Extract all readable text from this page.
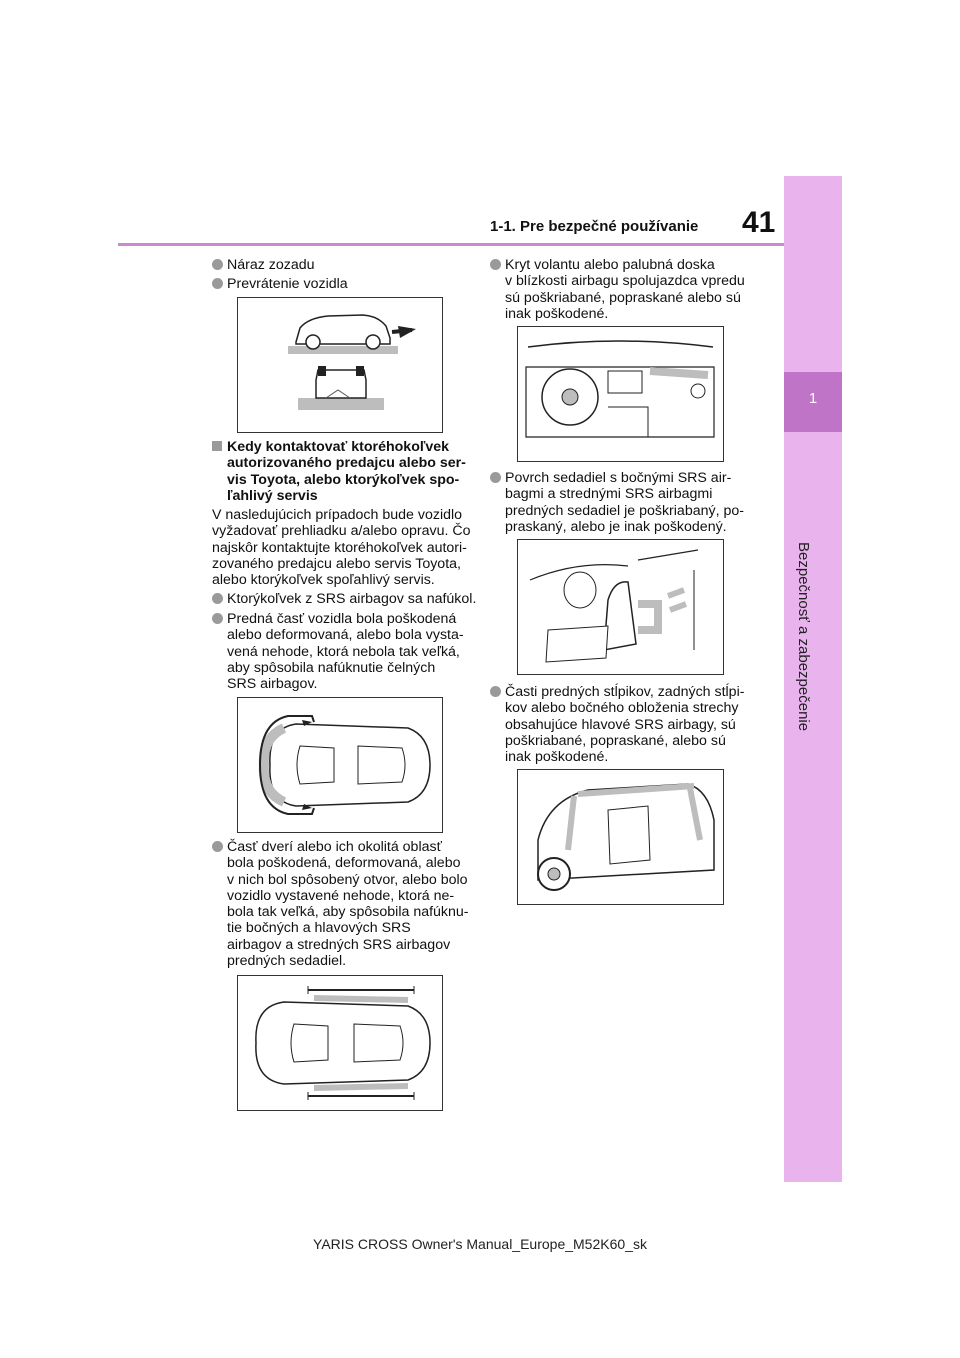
1-1. Pre bezpečné používanie 41
1
Bezpečnosť a zabezpečenie
Náraz zozadu
Prevrátenie vozidla
Kedy kontaktovať ktoréhokoľvek
autorizovaného predajcu alebo ser-
vis Toyota, alebo ktorýkoľvek spo-
ľahlivý servis
V nasledujúcich prípadoch bude vozidlo
vyžadovať prehliadku a/alebo opravu. Čo
najskôr kontaktujte ktoréhokoľvek autori-
zovaného predajcu alebo servis Toyota,
alebo ktorýkoľvek spoľahlivý servis.
Ktorýkoľvek z SRS airbagov sa nafúkol.
Predná časť vozidla bola poškodená
alebo deformovaná, alebo bola vysta-
vená nehode, ktorá nebola tak veľká,
aby spôsobila nafúknutie čelných
SRS airbagov.
Časť dverí alebo ich okolitá oblasť
bola poškodená, deformovaná, alebo
v nich bol spôsobený otvor, alebo bolo
vozidlo vystavené nehode, ktorá ne-
bola tak veľká, aby spôsobila nafúknu-
tie bočných a hlavových SRS
airbagov a stredných SRS airbagov
predných sedadiel.
Kryt volantu alebo palubná doska
v blízkosti airbagu spolujazdca vpredu
sú poškriabané, popraskané alebo sú
inak poškodené.
Povrch sedadiel s bočnými SRS air-
bagmi a strednými SRS airbagmi
predných sedadiel je poškriabaný, po-
praskaný, alebo je inak poškodený.
Časti predných stĺpikov, zadných stĺpi-
kov alebo bočného obloženia strechy
obsahujúce hlavové SRS airbagy, sú
poškriabané, popraskané, alebo sú
inak poškodené.
YARIS CROSS Owner's Manual_Europe_M52K60_sk
